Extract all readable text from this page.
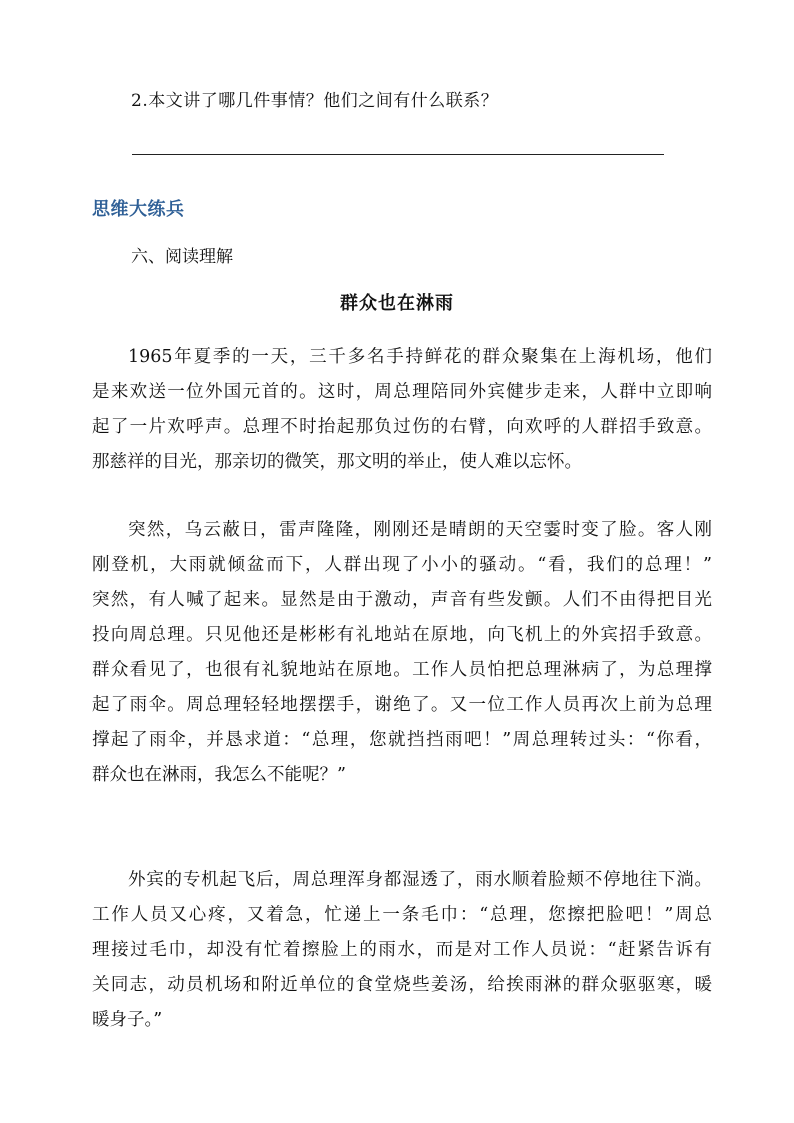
2.本文讲了哪几件事情？他们之间有什么联系？
思维大练兵
六、阅读理解
群众也在淋雨
1965年夏季的一天，三千多名手持鲜花的群众聚集在上海机场，他们
是来欢送一位外国元首的。这时，周总理陪同外宾健步走来，人群中立即响
起了一片欢呼声。总理不时抬起那负过伤的右臂，向欢呼的人群招手致意。
那慈祥的目光，那亲切的微笑，那文明的举止，使人难以忘怀。
突然，乌云蔽日，雷声隆隆，刚刚还是晴朗的天空霎时变了脸。客人刚
刚登机，大雨就倾盆而下，人群出现了小小的骚动。“看，我们的总理！”
突然，有人喊了起来。显然是由于激动，声音有些发颤。人们不由得把目光
投向周总理。只见他还是彬彬有礼地站在原地，向飞机上的外宾招手致意。
群众看见了，也很有礼貌地站在原地。工作人员怕把总理淋病了，为总理撑
起了雨伞。周总理轻轻地摆摆手，谢绝了。又一位工作人员再次上前为总理
撑起了雨伞，并恳求道：“总理，您就挡挡雨吧！”周总理转过头：“你看，
群众也在淋雨，我怎么不能呢？”
外宾的专机起飞后，周总理浑身都湿透了，雨水顺着脸颊不停地往下淌。
工作人员又心疼，又着急，忙递上一条毛巾：“总理，您擦把脸吧！”周总
理接过毛巾，却没有忙着擦脸上的雨水，而是对工作人员说：“赶紧告诉有
关同志，动员机场和附近单位的食堂烧些姜汤，给挨雨淋的群众驱驱寒，暖
暖身子。”
